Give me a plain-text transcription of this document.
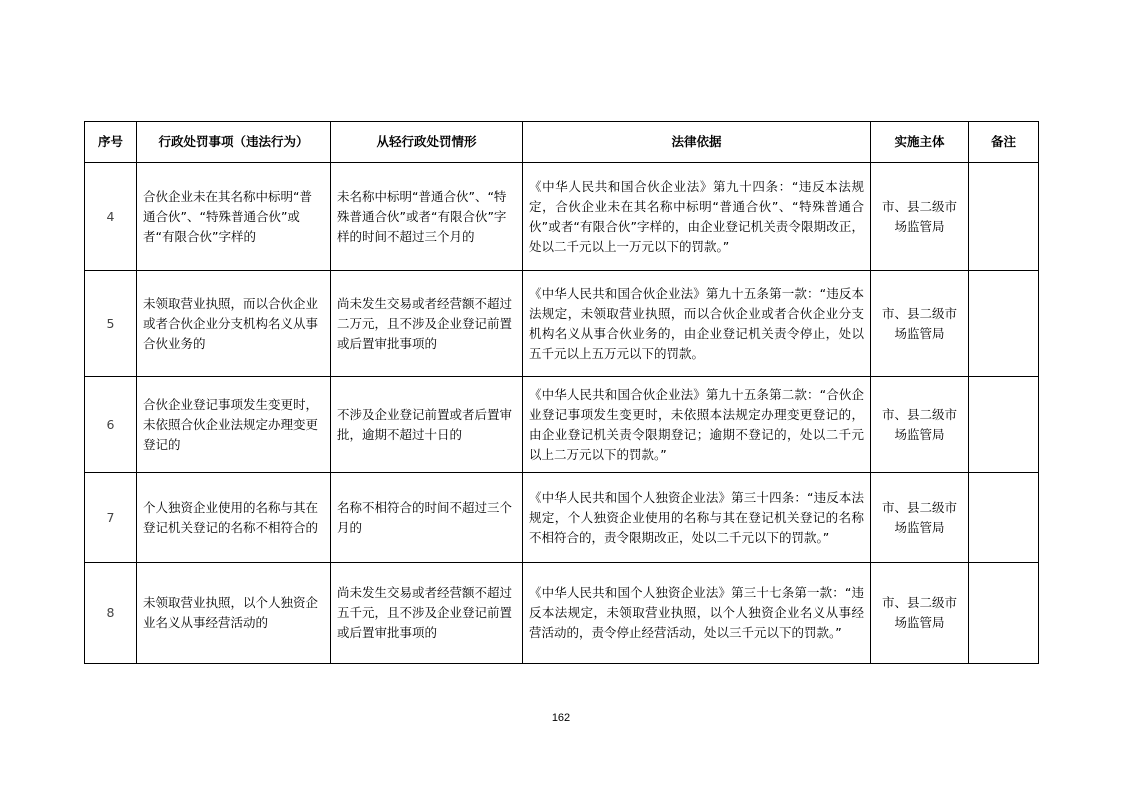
序号	行政处罚事项（违法行为）	从轻行政处罚情形	法律依据	实施主体	备注
4	合伙企业未在其名称中标明“普通合伙”、“特殊普通合伙”或者“有限合伙”字样的	未名称中标明“普通合伙”、“特殊普通合伙”或者“有限合伙”字样的时间不超过三个月的	《中华人民共和国合伙企业法》第九十四条：“违反本法规定，合伙企业未在其名称中标明“普通合伙”、“特殊普通合伙”或者“有限合伙”字样的，由企业登记机关责令限期改正，处以二千元以上一万元以下的罚款。”	市、县二级市场监管局	
5	未领取营业执照，而以合伙企业或者合伙企业分支机构名义从事合伙业务的	尚未发生交易或者经营额不超过二万元，且不涉及企业登记前置或后置审批事项的	《中华人民共和国合伙企业法》第九十五条第一款：“违反本法规定，未领取营业执照，而以合伙企业或者合伙企业分支机构名义从事合伙业务的，由企业登记机关责令停止，处以五千元以上五万元以下的罚款。	市、县二级市场监管局	
6	合伙企业登记事项发生变更时，未依照合伙企业法规定办理变更登记的	不涉及企业登记前置或者后置审批，逾期不超过十日的	《中华人民共和国合伙企业法》第九十五条第二款：“合伙企业登记事项发生变更时，未依照本法规定办理变更登记的，由企业登记机关责令限期登记；逾期不登记的，处以二千元以上二万元以下的罚款。”	市、县二级市场监管局	
7	个人独资企业使用的名称与其在登记机关登记的名称不相符合的	名称不相符合的时间不超过三个月的	《中华人民共和国个人独资企业法》第三十四条：“违反本法规定，个人独资企业使用的名称与其在登记机关登记的名称不相符合的，责令限期改正，处以二千元以下的罚款。”	市、县二级市场监管局	
8	未领取营业执照，以个人独资企业名义从事经营活动的	尚未发生交易或者经营额不超过五千元，且不涉及企业登记前置或后置审批事项的	《中华人民共和国个人独资企业法》第三十七条第一款：“违反本法规定，未领取营业执照，以个人独资企业名义从事经营活动的，责令停止经营活动，处以三千元以下的罚款。”	市、县二级市场监管局	
162
